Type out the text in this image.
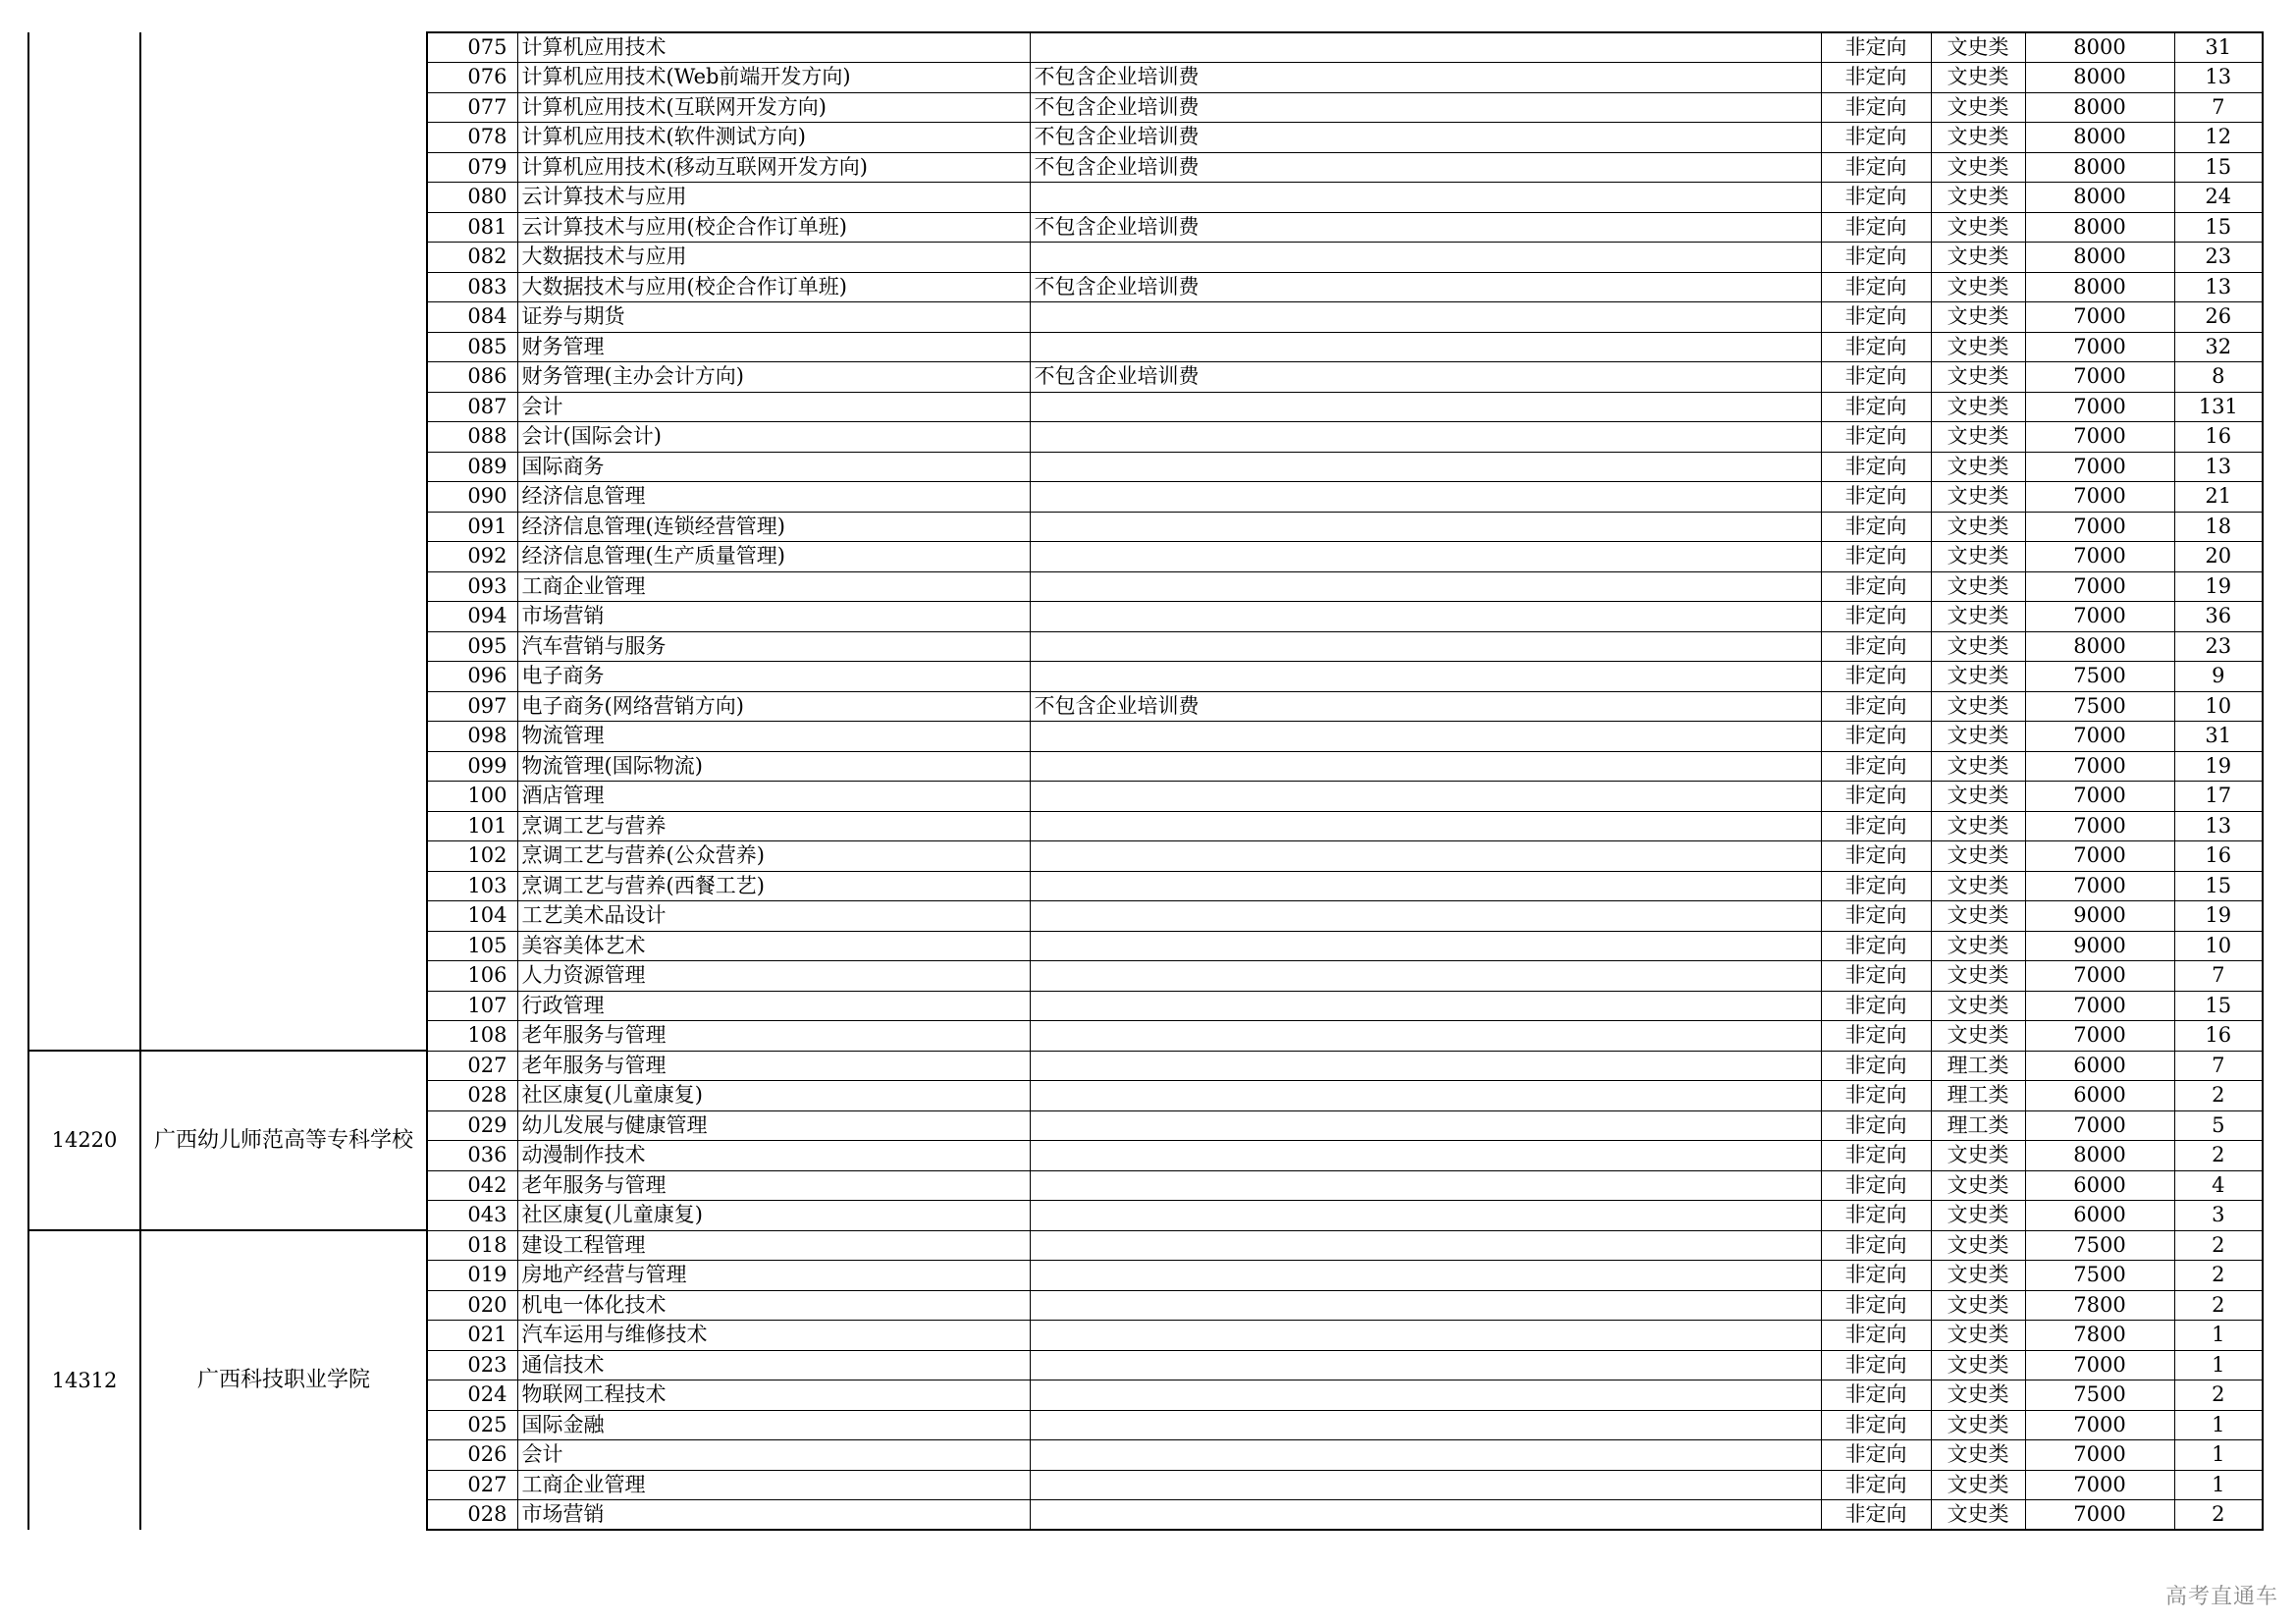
		075	计算机应用技术		非定向	文史类	8000	31
		076	计算机应用技术(Web前端开发方向)	不包含企业培训费	非定向	文史类	8000	13
		077	计算机应用技术(互联网开发方向)	不包含企业培训费	非定向	文史类	8000	7
		078	计算机应用技术(软件测试方向)	不包含企业培训费	非定向	文史类	8000	12
		079	计算机应用技术(移动互联网开发方向)	不包含企业培训费	非定向	文史类	8000	15
		080	云计算技术与应用		非定向	文史类	8000	24
		081	云计算技术与应用(校企合作订单班)	不包含企业培训费	非定向	文史类	8000	15
		082	大数据技术与应用		非定向	文史类	8000	23
		083	大数据技术与应用(校企合作订单班)	不包含企业培训费	非定向	文史类	8000	13
		084	证券与期货		非定向	文史类	7000	26
		085	财务管理		非定向	文史类	7000	32
		086	财务管理(主办会计方向)	不包含企业培训费	非定向	文史类	7000	8
		087	会计		非定向	文史类	7000	131
		088	会计(国际会计)		非定向	文史类	7000	16
		089	国际商务		非定向	文史类	7000	13
		090	经济信息管理		非定向	文史类	7000	21
		091	经济信息管理(连锁经营管理)		非定向	文史类	7000	18
		092	经济信息管理(生产质量管理)		非定向	文史类	7000	20
		093	工商企业管理		非定向	文史类	7000	19
		094	市场营销		非定向	文史类	7000	36
		095	汽车营销与服务		非定向	文史类	8000	23
		096	电子商务		非定向	文史类	7500	9
		097	电子商务(网络营销方向)	不包含企业培训费	非定向	文史类	7500	10
		098	物流管理		非定向	文史类	7000	31
		099	物流管理(国际物流)		非定向	文史类	7000	19
		100	酒店管理		非定向	文史类	7000	17
		101	烹调工艺与营养		非定向	文史类	7000	13
		102	烹调工艺与营养(公众营养)		非定向	文史类	7000	16
		103	烹调工艺与营养(西餐工艺)		非定向	文史类	7000	15
		104	工艺美术品设计		非定向	文史类	9000	19
		105	美容美体艺术		非定向	文史类	9000	10
		106	人力资源管理		非定向	文史类	7000	7
		107	行政管理		非定向	文史类	7000	15
		108	老年服务与管理		非定向	文史类	7000	16
14220	广西幼儿师范高等专科学校	027	老年服务与管理		非定向	理工类	6000	7
		028	社区康复(儿童康复)		非定向	理工类	6000	2
		029	幼儿发展与健康管理		非定向	理工类	7000	5
		036	动漫制作技术		非定向	文史类	8000	2
		042	老年服务与管理		非定向	文史类	6000	4
		043	社区康复(儿童康复)		非定向	文史类	6000	3
14312	广西科技职业学院	018	建设工程管理		非定向	文史类	7500	2
		019	房地产经营与管理		非定向	文史类	7500	2
		020	机电一体化技术		非定向	文史类	7800	2
		021	汽车运用与维修技术		非定向	文史类	7800	1
		023	通信技术		非定向	文史类	7000	1
		024	物联网工程技术		非定向	文史类	7500	2
		025	国际金融		非定向	文史类	7000	1
		026	会计		非定向	文史类	7000	1
		027	工商企业管理		非定向	文史类	7000	1
		028	市场营销		非定向	文史类	7000	2
高考直通车
